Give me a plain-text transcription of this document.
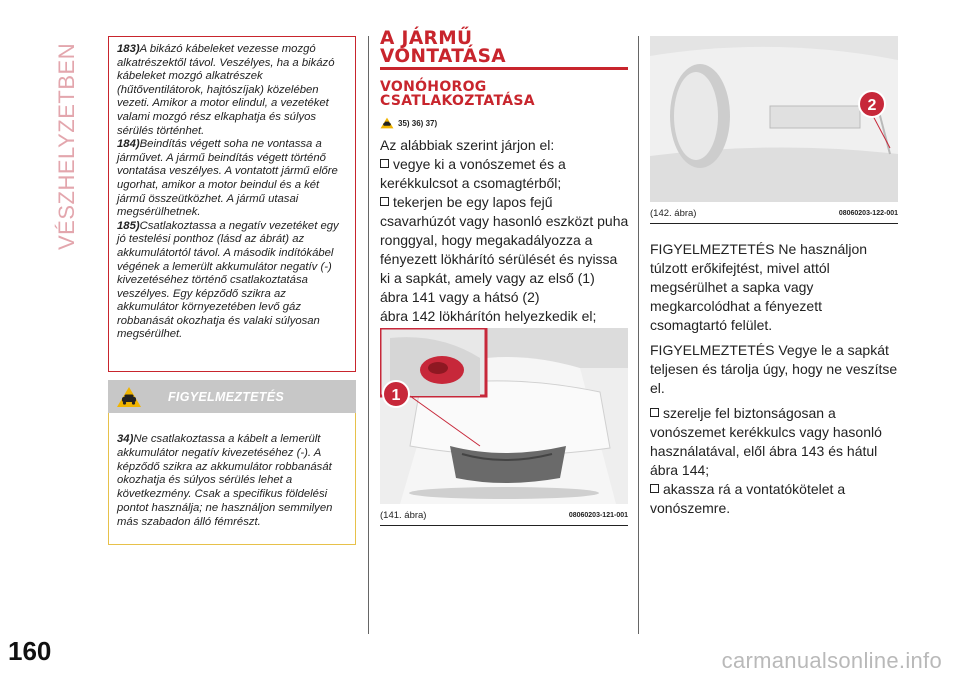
VÉSZHELYZETBEN
160

183)A bikázó kábeleket vezesse mozgó alkatrészektől távol. Veszélyes, ha a bikázó kábeleket mozgó alkatrészek (hűtőventilátorok, hajtószíjak) közelében vezeti. Amikor a motor elindul, a vezetéket valami mozgó rész elkaphatja és súlyos sérülés történhet.

184)Beindítás végett soha ne vontassa a járművet. A jármű beindítás végett történő vontatása veszélyes. A vontatott jármű előre ugorhat, amikor a motor beindul és a két jármű összeütközhet. A jármű utasai megsérülhetnek.

185)Csatlakoztassa a negatív vezetéket egy jó testelési ponthoz (lásd az ábrát) az akkumulátortól távol. A második indítókábel végének a lemerült akkumulátor negatív (-) kivezetéséhez történő csatlakoztatása veszélyes. Egy képződő szikra az akkumulátor környezetében levő gáz robbanását okozhatja és valaki súlyosan megsérülhet.

FIGYELMEZTETÉS
34)Ne csatlakoztassa a kábelt a lemerült akkumulátor negatív kivezetéséhez (-). A képződő szikra az akkumulátor robbanását okozhatja és súlyos sérülés lehet a következmény. Csak a specifikus földelési pontot használja; ne használjon semmilyen más szabadon álló fémrészt.
A JÁRMŰ
VONTATÁSA
VONÓHOROG
CSATLAKOZTATÁSA
35) 36) 37)
Az alábbiak szerint járjon el:
vegye ki a vonószemet és a kerékkulcsot a csomagtérből;
tekerjen be egy lapos fejű csavarhúzót vagy hasonló eszközt puha ronggyal, hogy megakadályozza a fényezett lökhárító sérülését és nyissa ki a sapkát, amely vagy az első (1)
ábra 141 vagy a hátsó (2)
ábra 142 lökhárítón helyezkedik el;
1
(141. ábra)	08060203-121-001
2
(142. ábra)	08060203-122-001

FIGYELMEZTETÉS Ne használjon túlzott erőkifejtést, mivel attól megsérülhet a sapka vagy megkarcolódhat a fényezett csomagtartó felület.

FIGYELMEZTETÉS Vegye le a sapkát teljesen és tárolja úgy, hogy ne veszítse el.

szerelje fel biztonságosan a vonószemet kerékkulcs vagy hasonló használatával, elől ábra 143 és hátul ábra 144;
akassza rá a vontatókötelet a vonószemre.
carmanualsonline.info
